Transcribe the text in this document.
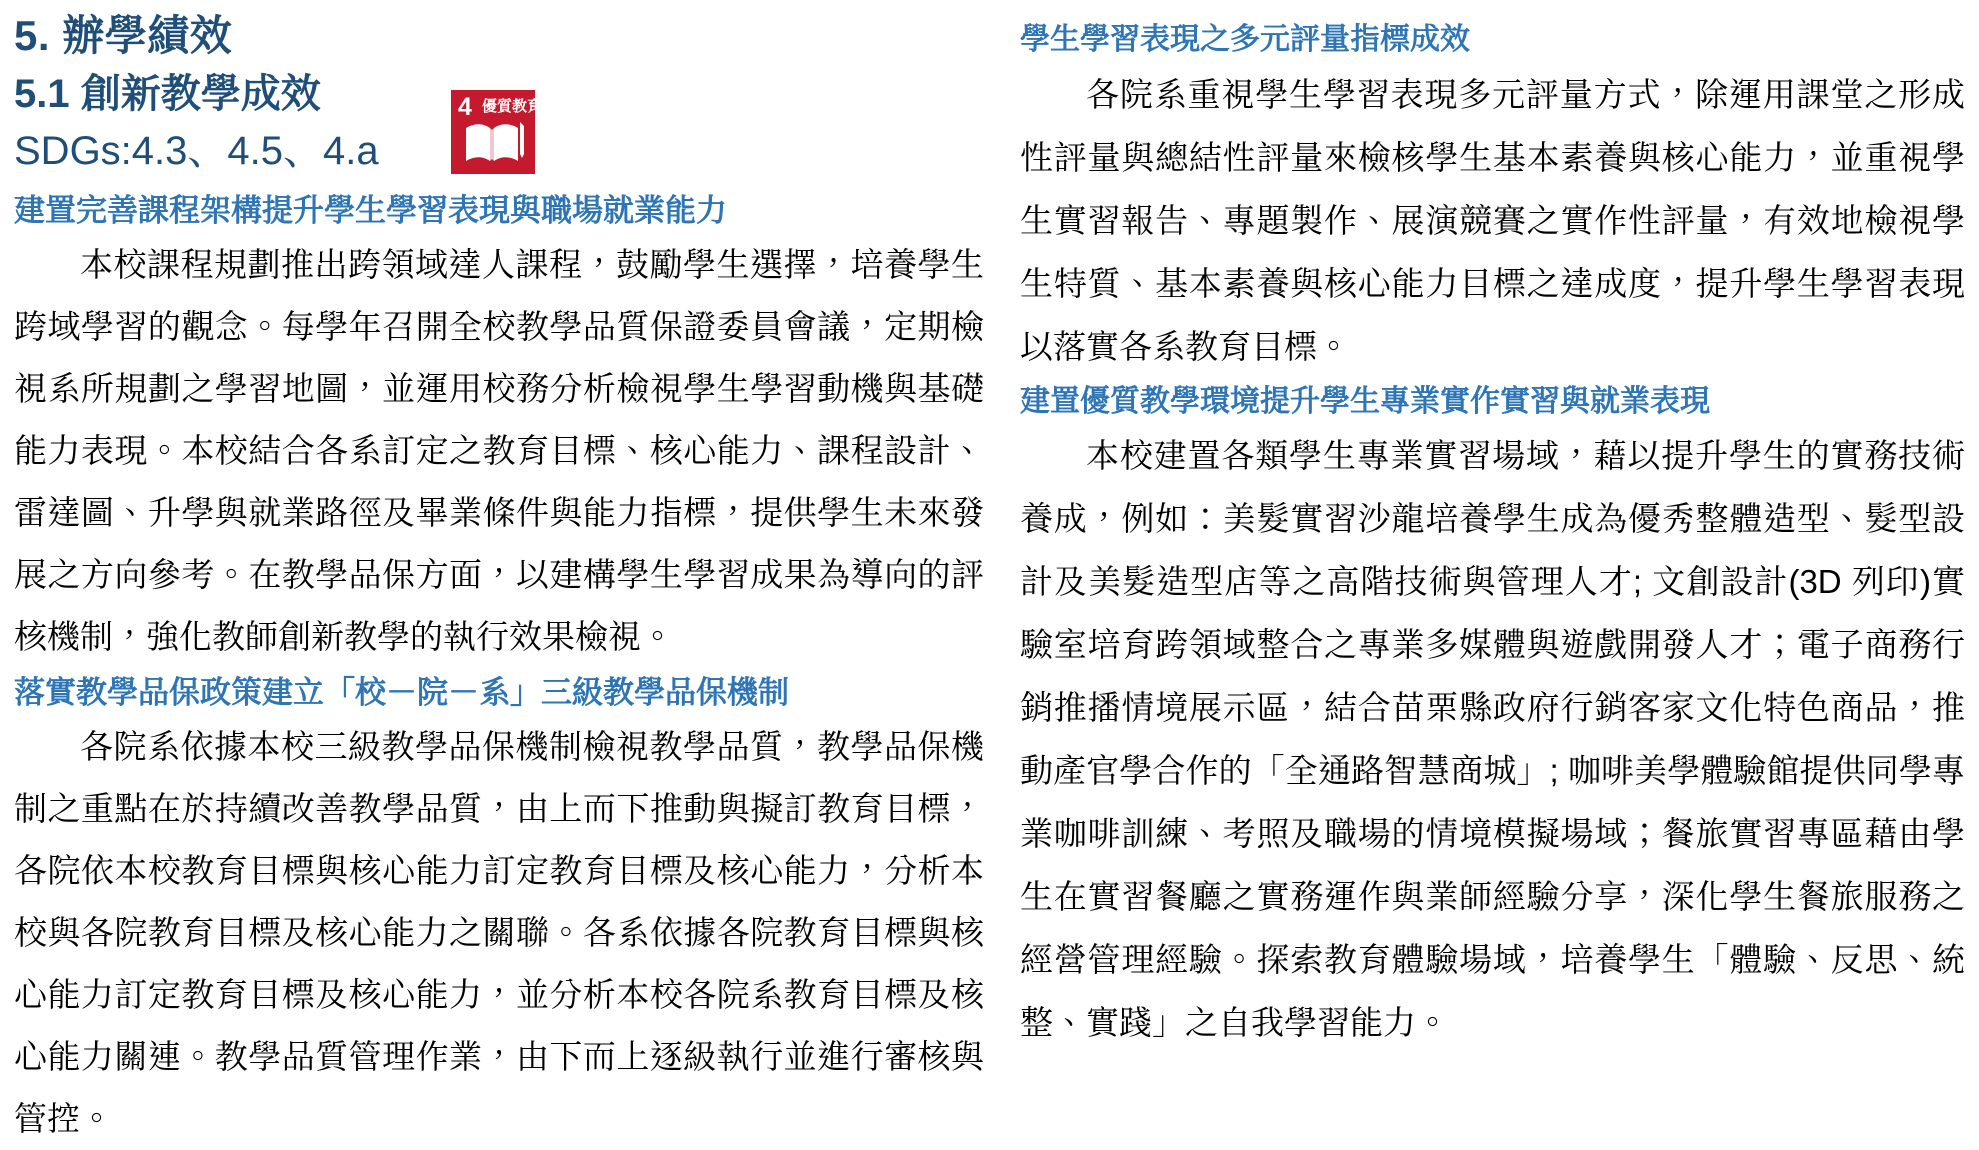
5. 辦學績效
5.1 創新教學成效
SDGs:4.3、4.5、4.a
4 優質教育
建置完善課程架構提升學生學習表現與職場就業能力

本校課程規劃推出跨領域達人課程，鼓勵學生選擇，培養學生跨域學習的觀念。每學年召開全校教學品質保證委員會議，定期檢視系所規劃之學習地圖，並運用校務分析檢視學生學習動機與基礎能力表現。本校結合各系訂定之教育目標、核心能力、課程設計、雷達圖、升學與就業路徑及畢業條件與能力指標，提供學生未來發展之方向參考。在教學品保方面，以建構學生學習成果為導向的評核機制，強化教師創新教學的執行效果檢視。

落實教學品保政策建立「校－院－系」三級教學品保機制

各院系依據本校三級教學品保機制檢視教學品質，教學品保機制之重點在於持續改善教學品質，由上而下推動與擬訂教育目標，各院依本校教育目標與核心能力訂定教育目標及核心能力，分析本校與各院教育目標及核心能力之關聯。各系依據各院教育目標與核心能力訂定教育目標及核心能力，並分析本校各院系教育目標及核心能力關連。教學品質管理作業，由下而上逐級執行並進行審核與管控。

學生學習表現之多元評量指標成效

各院系重視學生學習表現多元評量方式，除運用課堂之形成性評量與總結性評量來檢核學生基本素養與核心能力，並重視學生實習報告、專題製作、展演競賽之實作性評量，有效地檢視學生特質、基本素養與核心能力目標之達成度，提升學生學習表現以落實各系教育目標。

建置優質教學環境提升學生專業實作實習與就業表現

本校建置各類學生專業實習場域，藉以提升學生的實務技術養成，例如：美髮實習沙龍培養學生成為優秀整體造型、髮型設計及美髮造型店等之高階技術與管理人才; 文創設計(3D 列印)實驗室培育跨領域整合之專業多媒體與遊戲開發人才；電子商務行銷推播情境展示區，結合苗栗縣政府行銷客家文化特色商品，推動產官學合作的「全通路智慧商城」; 咖啡美學體驗館提供同學專業咖啡訓練、考照及職場的情境模擬場域；餐旅實習專區藉由學生在實習餐廳之實務運作與業師經驗分享，深化學生餐旅服務之經營管理經驗。探索教育體驗場域，培養學生「體驗、反思、統整、實踐」之自我學習能力。
